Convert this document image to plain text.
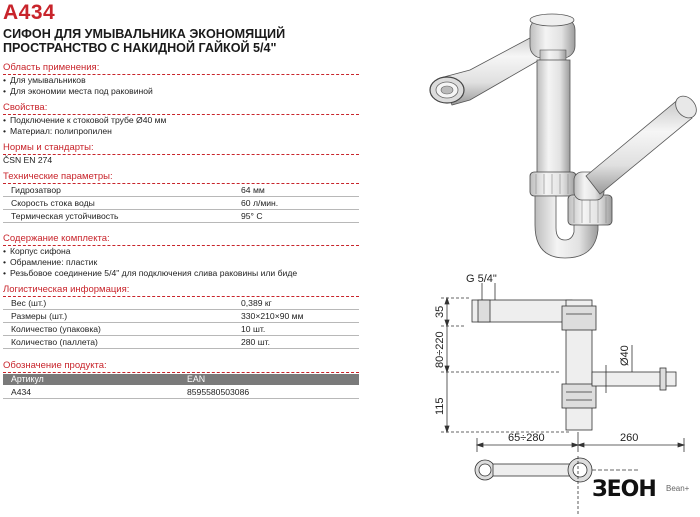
A434
СИФОН ДЛЯ УМЫВАЛЬНИКА ЭКОНОМЯЩИЙ
ПРОСТРАНСТВО С НАКИДНОЙ ГАЙКОЙ 5/4"
Область применения:
• Для умывальников
• Для экономии места под раковиной
Свойства:
• Подключение к стоковой трубе Ø40 мм
• Материал: полипропилен
Нормы и стандарты:
ČSN EN 274
Технические параметры:
Гидрозатвор	64 мм
Скорость стока воды	60 л/мин.
Термическая устойчивость	95° C
Содержание комплекта:
• Корпус сифона
• Обрамление: пластик
• Резьбовое соединение 5/4" для подключения слива раковины или биде
Логистическая информация:
Вес (шт.)	0,389 кг
Размеры (шт.)	330×210×90 мм
Количество (упаковка)	10 шт.
Количество (паллета)	280 шт.
Обозначение продукта:
Артикул	EAN
A434	8595580503086
G 5/4"
35
80÷220
115
Ø40
65÷280	260
ЗЕОН Bean+
